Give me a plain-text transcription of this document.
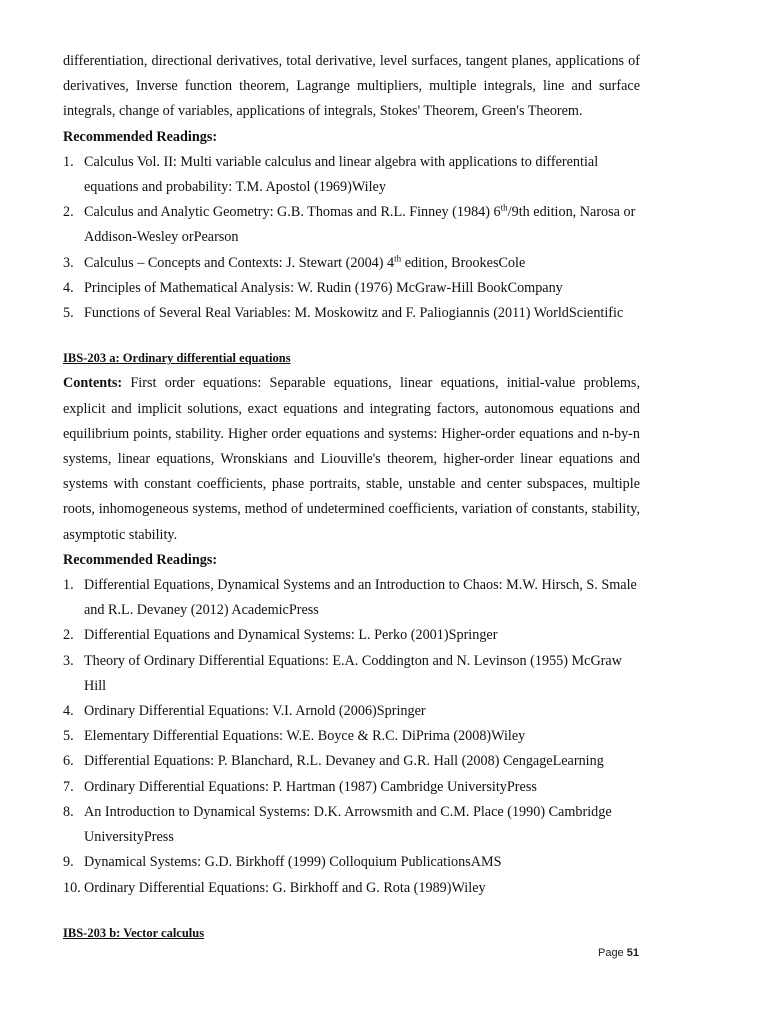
differentiation, directional derivatives, total derivative, level surfaces, tangent planes, applications of derivatives, Inverse function theorem, Lagrange multipliers, multiple integrals, line and surface integrals, change of variables, applications of integrals, Stokes' Theorem, Green's Theorem.

Recommended Readings:

1. Calculus Vol. II: Multi variable calculus and linear algebra with applications to differential equations and probability: T.M. Apostol (1969)Wiley
2. Calculus and Analytic Geometry: G.B. Thomas and R.L. Finney (1984) 6th/9th edition, Narosa or Addison-Wesley orPearson
3. Calculus – Concepts and Contexts: J. Stewart (2004) 4th edition, BrookesCole
4. Principles of Mathematical Analysis: W. Rudin (1976) McGraw-Hill BookCompany
5. Functions of Several Real Variables: M. Moskowitz and F. Paliogiannis (2011) WorldScientific

IBS-203 a: Ordinary differential equations

Contents: First order equations: Separable equations, linear equations, initial-value problems, explicit and implicit solutions, exact equations and integrating factors, autonomous equations and equilibrium points, stability. Higher order equations and systems: Higher-order equations and n-by-n systems, linear equations, Wronskians and Liouville's theorem, higher-order linear equations and systems with constant coefficients, phase portraits, stable, unstable and center subspaces, multiple roots, inhomogeneous systems, method of undetermined coefficients, variation of constants, stability, asymptotic stability.

Recommended Readings:

1. Differential Equations, Dynamical Systems and an Introduction to Chaos: M.W. Hirsch, S. Smale and R.L. Devaney (2012) AcademicPress
2. Differential Equations and Dynamical Systems: L. Perko (2001)Springer
3. Theory of Ordinary Differential Equations: E.A. Coddington and N. Levinson (1955) McGraw Hill
4. Ordinary Differential Equations: V.I. Arnold (2006)Springer
5. Elementary Differential Equations: W.E. Boyce & R.C. DiPrima (2008)Wiley
6. Differential Equations: P. Blanchard, R.L. Devaney and G.R. Hall (2008) CengageLearning
7. Ordinary Differential Equations: P. Hartman (1987) Cambridge UniversityPress
8. An Introduction to Dynamical Systems: D.K. Arrowsmith and C.M. Place (1990) Cambridge UniversityPress
9. Dynamical Systems: G.D. Birkhoff (1999) Colloquium PublicationsAMS
10. Ordinary Differential Equations: G. Birkhoff and G. Rota (1989)Wiley

IBS-203 b: Vector calculus

Page 51
